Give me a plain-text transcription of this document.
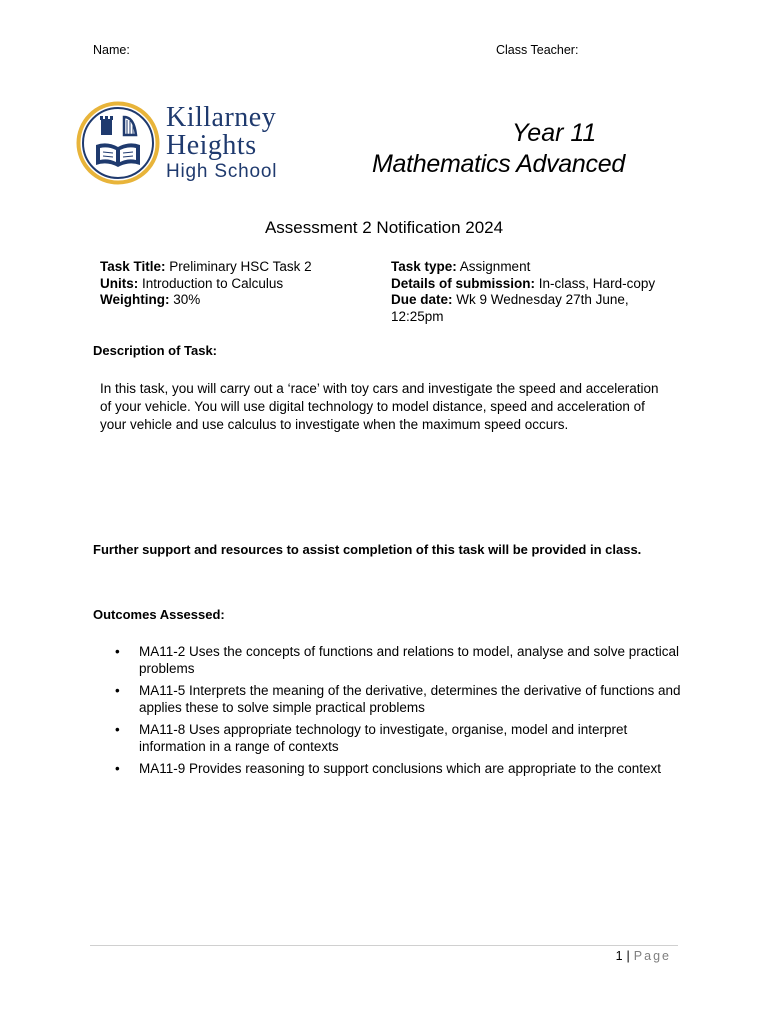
Name:	Class Teacher:
Killarney
Heights
High School
Year 11
Mathematics Advanced
Assessment 2 Notification 2024
Task Title: Preliminary HSC Task 2
Units: Introduction to Calculus
Weighting: 30%
Task type: Assignment
Details of submission: In-class, Hard-copy
Due date: Wk 9 Wednesday 27th June, 12:25pm
Description of Task:
In this task, you will carry out a ‘race’ with toy cars and investigate the speed and acceleration of your vehicle. You will use digital technology to model distance, speed and acceleration of your vehicle and use calculus to investigate when the maximum speed occurs.
Further support and resources to assist completion of this task will be provided in class.
Outcomes Assessed:
• MA11-2 Uses the concepts of functions and relations to model, analyse and solve practical problems
• MA11-5 Interprets the meaning of the derivative, determines the derivative of functions and applies these to solve simple practical problems
• MA11-8 Uses appropriate technology to investigate, organise, model and interpret information in a range of contexts
• MA11-9 Provides reasoning to support conclusions which are appropriate to the context
1 | Page
